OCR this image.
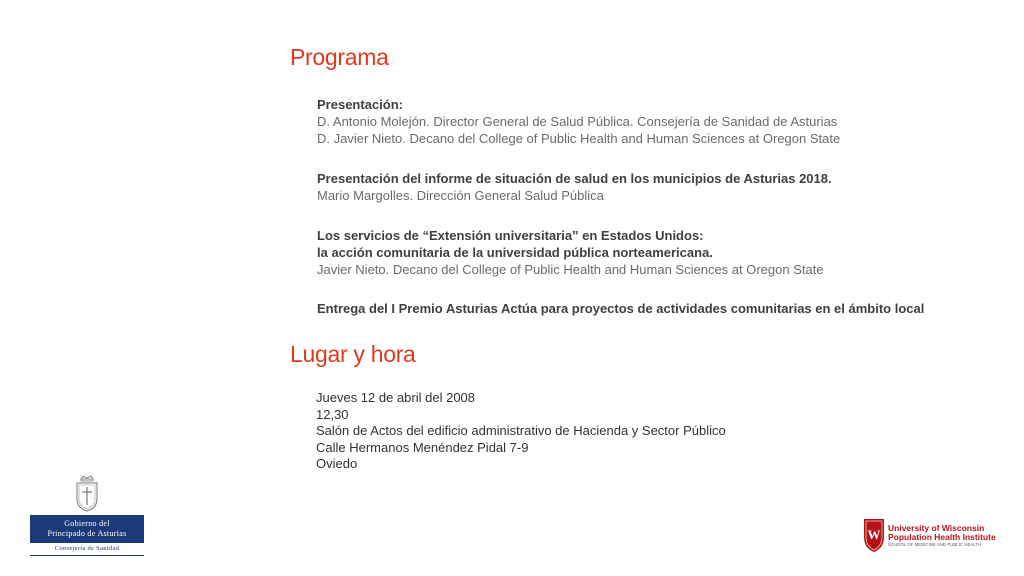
Programa
Presentación:
D. Antonio Molejón. Director General de Salud Pública. Consejería de Sanidad de Asturias
D. Javier Nieto. Decano del College of Public Health and Human Sciences at Oregon State
Presentación del informe de situación de salud en los municipios de Asturias 2018.
Mario Margolles. Dirección General Salud Pública
Los servicios de “Extensión universitaria” en Estados Unidos:
la acción comunitaria de la universidad pública norteamericana.
Javier Nieto. Decano del College of Public Health and Human Sciences at Oregon State
Entrega del I Premio Asturias Actúa para proyectos de actividades comunitarias en el ámbito local
Lugar y hora
Jueves 12 de abril del 2008
12,30
Salón de Actos del edificio administrativo de Hacienda y Sector Público
Calle Hermanos Menéndez Pidal 7-9
Oviedo
Gobierno del
Principado de Asturias
Consejería de Sanidad
W University of Wisconsin
Population Health Institute
SCHOOL OF MEDICINE AND PUBLIC HEALTH
